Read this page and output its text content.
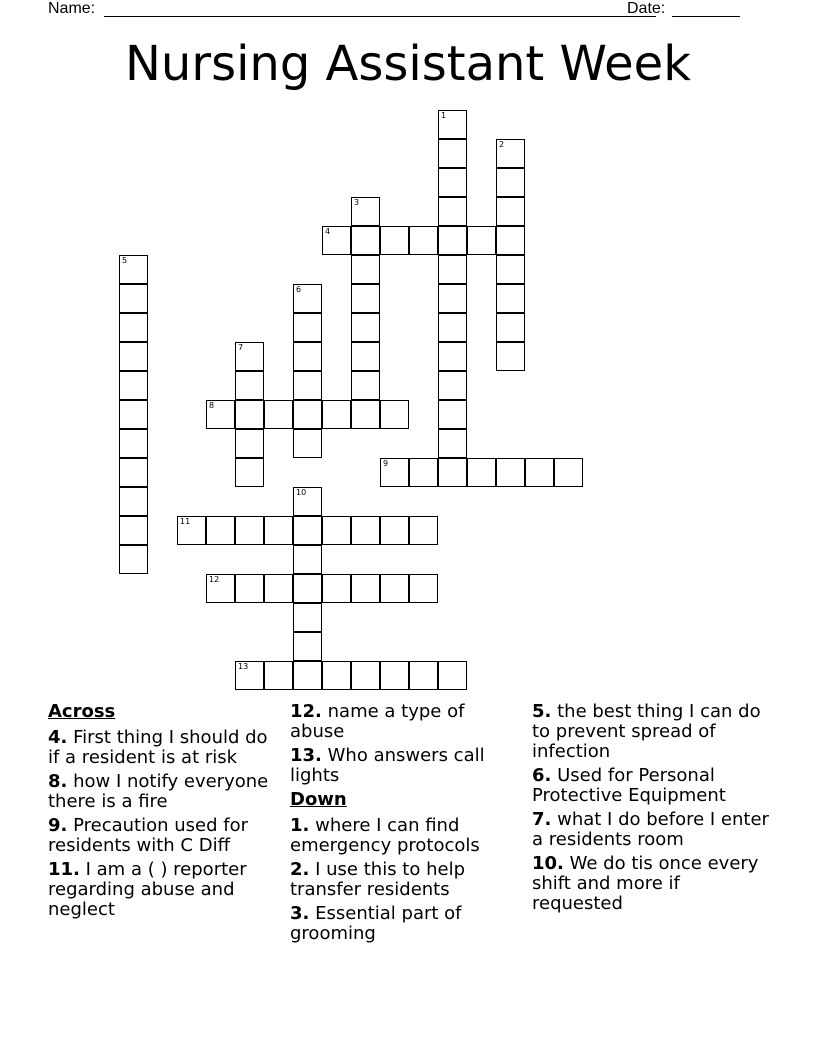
Name:	Date:
Nursing Assistant Week
1
2
3
4
5
6
7
8
9
10
11
12
13
Across
4. First thing I should do if a resident is at risk
8. how I notify everyone there is a fire
9. Precaution used for residents with C Diff
11. I am a ( ) reporter regarding abuse and neglect
12. name a type of abuse
13. Who answers call lights
Down
1. where I can find emergency protocols
2. I use this to help transfer residents
3. Essential part of grooming
5. the best thing I can do to prevent spread of infection
6. Used for Personal Protective Equipment
7. what I do before I enter a residents room
10. We do tis once every shift and more if requested
